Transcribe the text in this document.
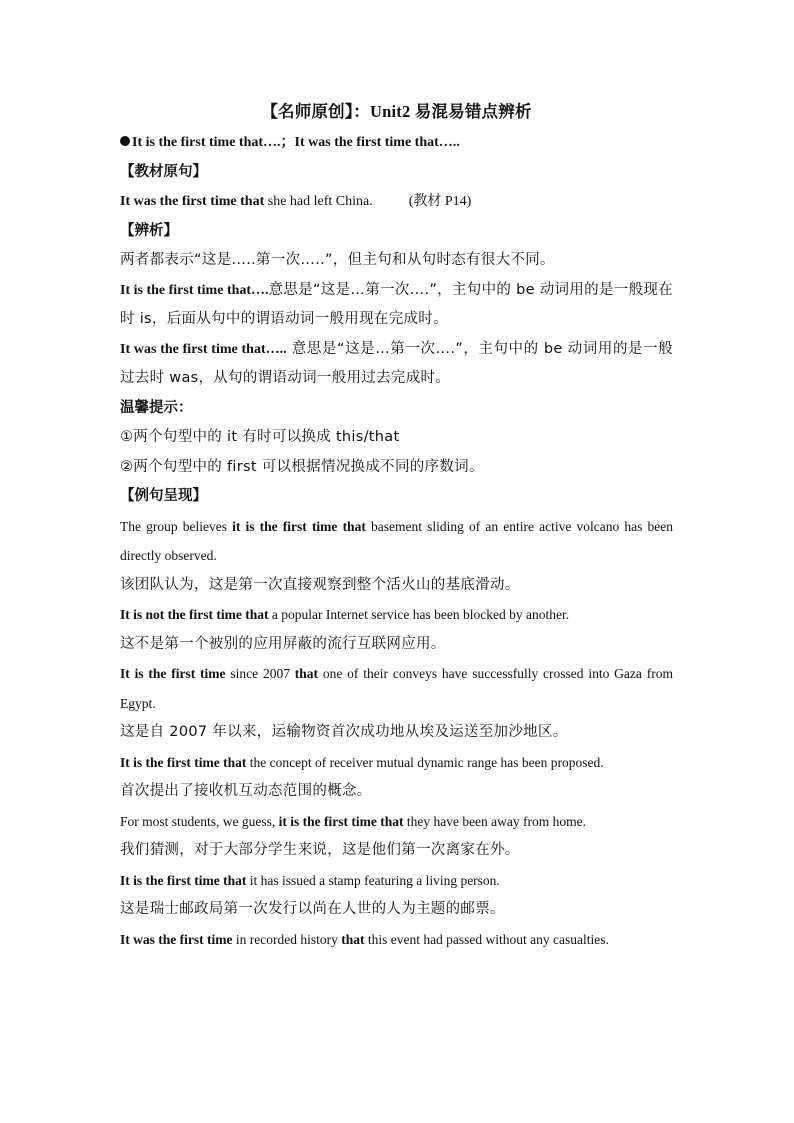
【名师原创】：Unit2 易混易错点辨析

It is the first time that….；It was the first time that…..

【教材原句】

It was the first time that she had left China.	(教材 P14)

【辨析】

两者都表示“这是…..第一次…..”，但主句和从句时态有很大不同。

It is the first time that….意思是“这是…第一次….”，主句中的 be 动词用的是一般现在时 is，后面从句中的谓语动词一般用现在完成时。

It was the first time that….. 意思是“这是…第一次….”，主句中的 be 动词用的是一般过去时 was，从句的谓语动词一般用过去完成时。

温馨提示：

①两个句型中的 it 有时可以换成 this/that

②两个句型中的 first 可以根据情况换成不同的序数词。

【例句呈现】

The group believes it is the first time that basement sliding of an entire active volcano has been directly observed.

该团队认为，这是第一次直接观察到整个活火山的基底滑动。

It is not the first time that a popular Internet service has been blocked by another.

这不是第一个被别的应用屏蔽的流行互联网应用。

It is the first time since 2007 that one of their conveys have successfully crossed into Gaza from Egypt.

这是自 2007 年以来，运输物资首次成功地从埃及运送至加沙地区。

It is the first time that the concept of receiver mutual dynamic range has been proposed.

首次提出了接收机互动态范围的概念。

For most students, we guess, it is the first time that they have been away from home.

我们猜测，对于大部分学生来说，这是他们第一次离家在外。

It is the first time that it has issued a stamp featuring a living person.

这是瑞士邮政局第一次发行以尚在人世的人为主题的邮票。

It was the first time in recorded history that this event had passed without any casualties.
